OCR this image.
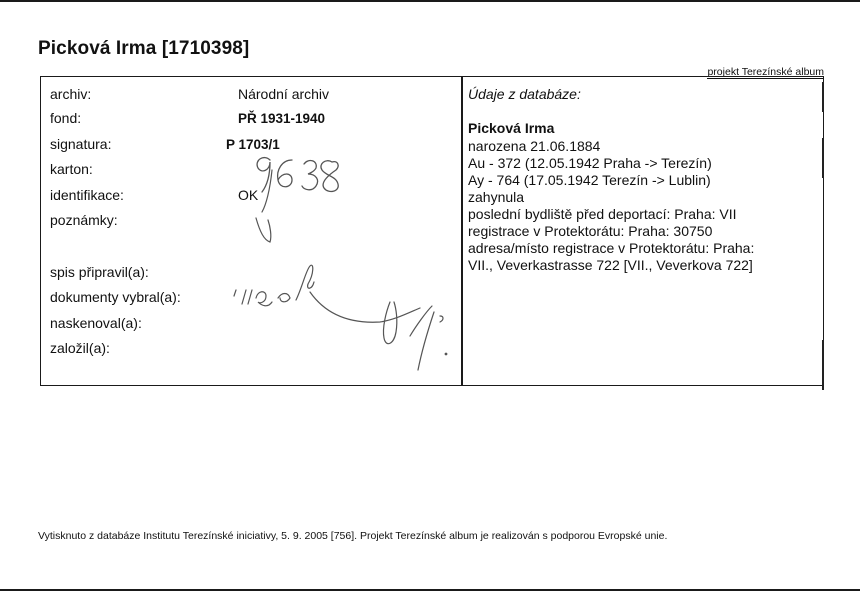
Picková Irma [1710398]
projekt Terezínské album
archiv:	Národní archiv
fond:	PŘ 1931-1940
signatura:	P 1703/1
karton:
identifikace:	OK
poznámky:
spis připravil(a):
dokumenty vybral(a):
naskenoval(a):
založil(a):
Údaje z databáze:
Picková Irma
narozena 21.06.1884
Au - 372 (12.05.1942 Praha -> Terezín)
Ay - 764 (17.05.1942 Terezín -> Lublin)
zahynula
poslední bydliště před deportací: Praha: VII
registrace v Protektorátu: Praha: 30750
adresa/místo registrace v Protektorátu: Praha:
VII., Veverkastrasse 722 [VII., Veverkova 722]
Vytisknuto z databáze Institutu Terezínské iniciativy, 5. 9. 2005 [756]. Projekt Terezínské album je realizován s podporou Evropské unie.
